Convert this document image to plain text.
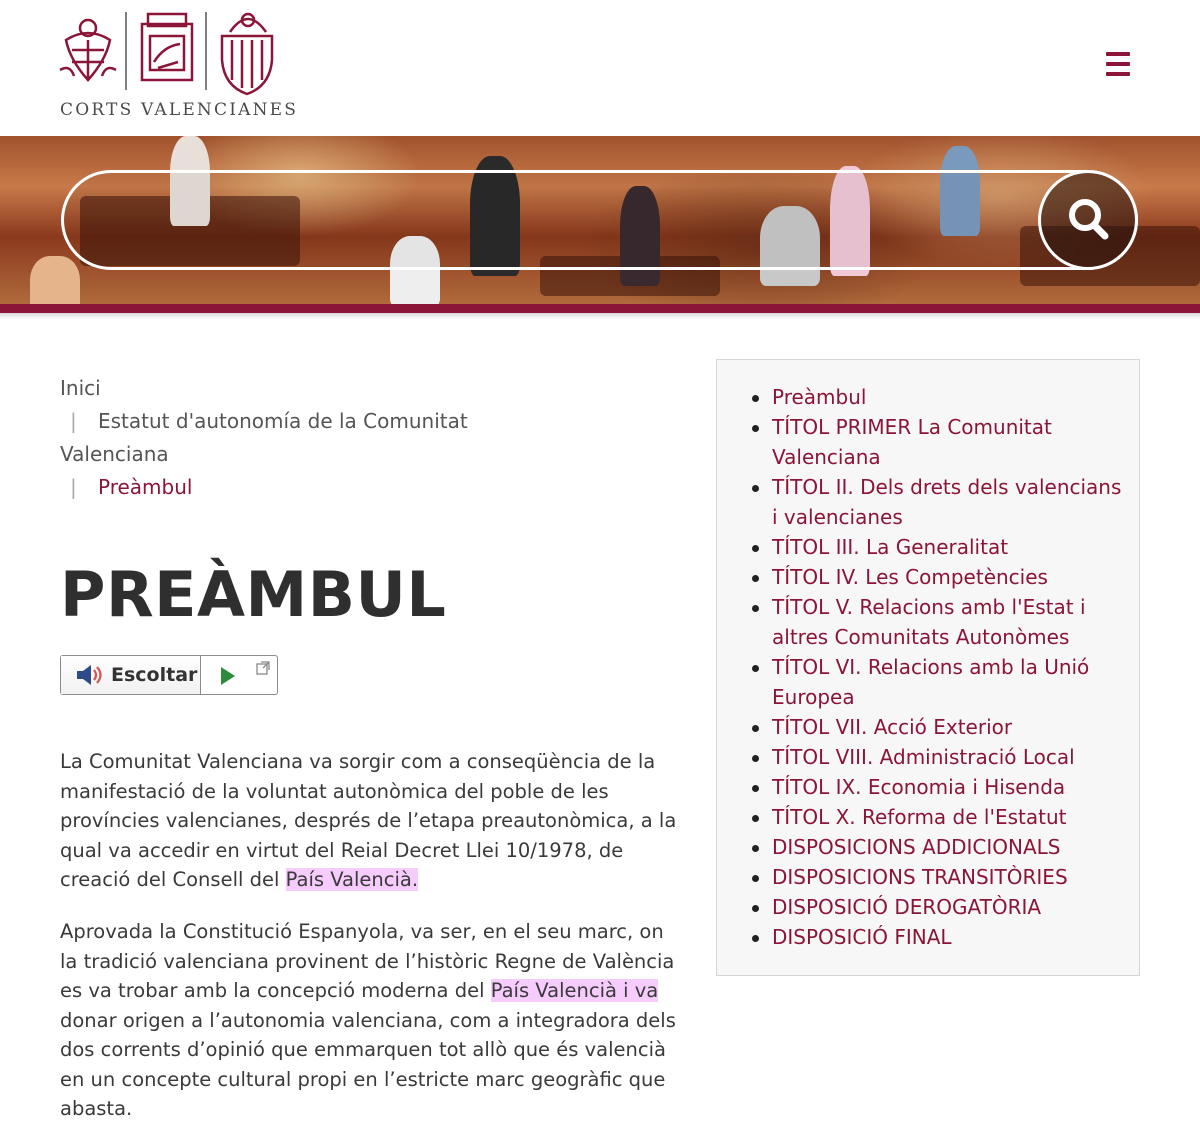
CORTS VALENCIANES
Inici
| Estatut d'autonomía de la Comunitat
Valenciana
| Preàmbul
PREÀMBUL
Escoltar

La Comunitat Valenciana va sorgir com a conseqüència de la manifestació de la voluntat autonòmica del poble de les províncies valencianes, després de l’etapa preautonòmica, a la qual va accedir en virtut del Reial Decret Llei 10/1978, de creació del Consell del País Valencià.

Aprovada la Constitució Espanyola, va ser, en el seu marc, on la tradició valenciana provinent de l’històric Regne de València es va trobar amb la concepció moderna del País Valencià i va donar origen a l’autonomia valenciana, com a integradora dels dos corrents d’opinió que emmarquen tot allò que és valencià en un concepte cultural propi en l’estricte marc geogràfic que abasta.

Preàmbul
TÍTOL PRIMER La Comunitat Valenciana
TÍTOL II. Dels drets dels valencians i valencianes
TÍTOL III. La Generalitat
TÍTOL IV. Les Competències
TÍTOL V. Relacions amb l'Estat i altres Comunitats Autonòmes
TÍTOL VI. Relacions amb la Unió Europea
TÍTOL VII. Acció Exterior
TÍTOL VIII. Administració Local
TÍTOL IX. Economia i Hisenda
TÍTOL X. Reforma de l'Estatut
DISPOSICIONS ADDICIONALS
DISPOSICIONS TRANSITÒRIES
DISPOSICIÓ DEROGATÒRIA
DISPOSICIÓ FINAL
